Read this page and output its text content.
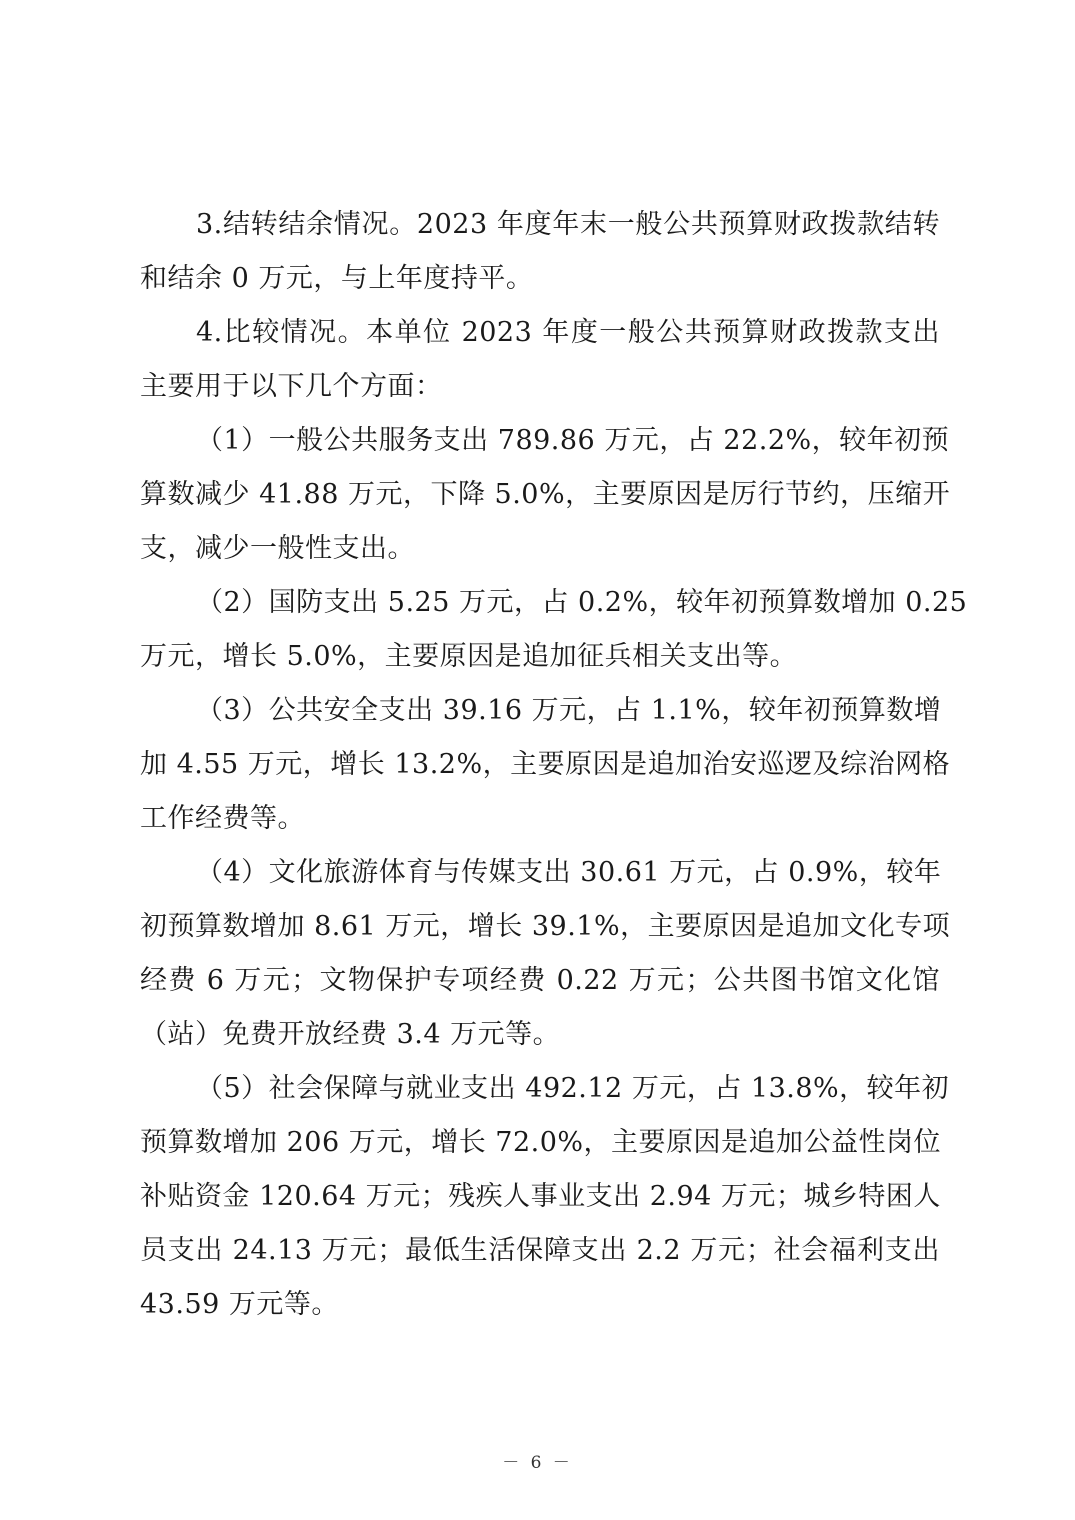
3.结转结余情况。2023 年度年末一般公共预算财政拨款结转
和结余 0 万元，与上年度持平。
4.比较情况。本单位 2023 年度一般公共预算财政拨款支出
主要用于以下几个方面：
（1）一般公共服务支出 789.86 万元，占 22.2%，较年初预
算数减少 41.88 万元，下降 5.0%，主要原因是厉行节约，压缩开
支，减少一般性支出。
（2）国防支出 5.25 万元，占 0.2%，较年初预算数增加 0.25
万元，增长 5.0%，主要原因是追加征兵相关支出等。
（3）公共安全支出 39.16 万元，占 1.1%，较年初预算数增
加 4.55 万元，增长 13.2%，主要原因是追加治安巡逻及综治网格
工作经费等。
（4）文化旅游体育与传媒支出 30.61 万元，占 0.9%，较年
初预算数增加 8.61 万元，增长 39.1%，主要原因是追加文化专项
经费 6 万元；文物保护专项经费 0.22 万元；公共图书馆文化馆
（站）免费开放经费 3.4 万元等。
（5）社会保障与就业支出 492.12 万元，占 13.8%，较年初
预算数增加 206 万元，增长 72.0%，主要原因是追加公益性岗位
补贴资金 120.64 万元；残疾人事业支出 2.94 万元；城乡特困人
员支出 24.13 万元；最低生活保障支出 2.2 万元；社会福利支出
43.59 万元等。
－ 6 －
